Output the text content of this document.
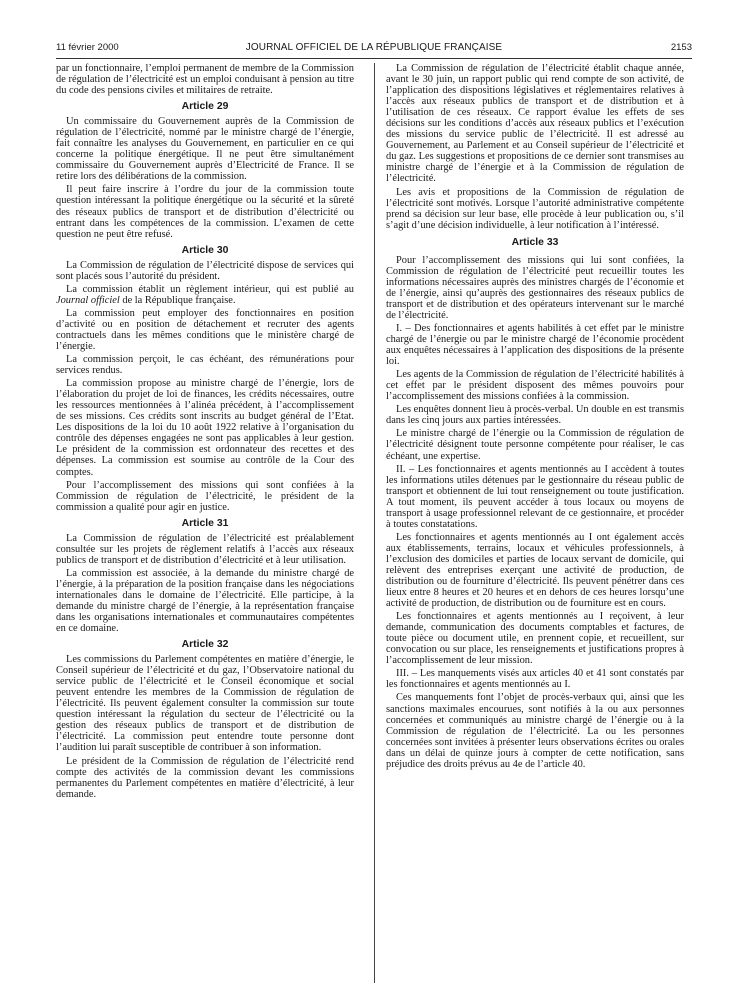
11 février 2000	JOURNAL OFFICIEL DE LA RÉPUBLIQUE FRANÇAISE	2153

par un fonctionnaire, l’emploi permanent de membre de la Commission de régulation de l’électricité est un emploi conduisant à pension au titre du code des pensions civiles et militaires de retraite.

Article 29

Un commissaire du Gouvernement auprès de la Commission de régulation de l’électricité, nommé par le ministre chargé de l’énergie, fait connaître les analyses du Gouvernement, en particulier en ce qui concerne la politique énergétique. Il ne peut être simultanément commissaire du Gouvernement auprès d’Electricité de France. Il se retire lors des délibérations de la commission.

Il peut faire inscrire à l’ordre du jour de la commission toute question intéressant la politique énergétique ou la sécurité et la sûreté des réseaux publics de transport et de distribution d’électricité ou entrant dans les compétences de la commission. L’examen de cette question ne peut être refusé.

Article 30

La Commission de régulation de l’électricité dispose de services qui sont placés sous l’autorité du président.

La commission établit un règlement intérieur, qui est publié au Journal officiel de la République française.

La commission peut employer des fonctionnaires en position d’activité ou en position de détachement et recruter des agents contractuels dans les mêmes conditions que le ministère chargé de l’énergie.

La commission perçoit, le cas échéant, des rémunérations pour services rendus.

La commission propose au ministre chargé de l’énergie, lors de l’élaboration du projet de loi de finances, les crédits nécessaires, outre les ressources mentionnées à l’alinéa précédent, à l’accomplissement de ses missions. Ces crédits sont inscrits au budget général de l’Etat. Les dispositions de la loi du 10 août 1922 relative à l’organisation du contrôle des dépenses engagées ne sont pas applicables à leur gestion. Le président de la commission est ordonnateur des recettes et des dépenses. La commission est soumise au contrôle de la Cour des comptes.

Pour l’accomplissement des missions qui sont confiées à la Commission de régulation de l’électricité, le président de la commission a qualité pour agir en justice.

Article 31

La Commission de régulation de l’électricité est préalablement consultée sur les projets de règlement relatifs à l’accès aux réseaux publics de transport et de distribution d’électricité et à leur utilisation.

La commission est associée, à la demande du ministre chargé de l’énergie, à la préparation de la position française dans les négociations internationales dans le domaine de l’électricité. Elle participe, à la demande du ministre chargé de l’énergie, à la représentation française dans les organisations internationales et communautaires compétentes en ce domaine.

Article 32

Les commissions du Parlement compétentes en matière d’énergie, le Conseil supérieur de l’électricité et du gaz, l’Observatoire national du service public de l’électricité et le Conseil économique et social peuvent entendre les membres de la Commission de régulation de l’électricité. Ils peuvent également consulter la commission sur toute question intéressant la régulation du secteur de l’électricité ou la gestion des réseaux publics de transport et de distribution de l’électricité. La commission peut entendre toute personne dont l’audition lui paraît susceptible de contribuer à son information.

Le président de la Commission de régulation de l’électricité rend compte des activités de la commission devant les commissions permanentes du Parlement compétentes en matière d’électricité, à leur demande.

La Commission de régulation de l’électricité établit chaque année, avant le 30 juin, un rapport public qui rend compte de son activité, de l’application des dispositions législatives et réglementaires relatives à l’accès aux réseaux publics de transport et de distribution et à l’utilisation de ces réseaux. Ce rapport évalue les effets de ses décisions sur les conditions d’accès aux réseaux publics et l’exécution des missions du service public de l’électricité. Il est adressé au Gouvernement, au Parlement et au Conseil supérieur de l’électricité et du gaz. Les suggestions et propositions de ce dernier sont transmises au ministre chargé de l’énergie et à la Commission de régulation de l’électricité.

Les avis et propositions de la Commission de régulation de l’électricité sont motivés. Lorsque l’autorité administrative compétente prend sa décision sur leur base, elle procède à leur publication ou, s’il s’agit d’une décision individuelle, à leur notification à l’intéressé.

Article 33

Pour l’accomplissement des missions qui lui sont confiées, la Commission de régulation de l’électricité peut recueillir toutes les informations nécessaires auprès des ministres chargés de l’économie et de l’énergie, ainsi qu’auprès des gestionnaires des réseaux publics de transport et de distribution et des opérateurs intervenant sur le marché de l’électricité.

I. – Des fonctionnaires et agents habilités à cet effet par le ministre chargé de l’énergie ou par le ministre chargé de l’économie procèdent aux enquêtes nécessaires à l’application des dispositions de la présente loi.

Les agents de la Commission de régulation de l’électricité habilités à cet effet par le président disposent des mêmes pouvoirs pour l’accomplissement des missions confiées à la commission.

Les enquêtes donnent lieu à procès-verbal. Un double en est transmis dans les cinq jours aux parties intéressées.

Le ministre chargé de l’énergie ou la Commission de régulation de l’électricité désignent toute personne compétente pour réaliser, le cas échéant, une expertise.

II. – Les fonctionnaires et agents mentionnés au I accèdent à toutes les informations utiles détenues par le gestionnaire du réseau public de transport et obtiennent de lui tout renseignement ou toute justification. A tout moment, ils peuvent accéder à tous locaux ou moyens de transport à usage professionnel relevant de ce gestionnaire, et procéder à toutes constatations.

Les fonctionnaires et agents mentionnés au I ont également accès aux établissements, terrains, locaux et véhicules professionnels, à l’exclusion des domiciles et parties de locaux servant de domicile, qui relèvent des entreprises exerçant une activité de production, de distribution ou de fourniture d’électricité. Ils peuvent pénétrer dans ces lieux entre 8 heures et 20 heures et en dehors de ces heures lorsqu’une activité de production, de distribution ou de fourniture est en cours.

Les fonctionnaires et agents mentionnés au I reçoivent, à leur demande, communication des documents comptables et factures, de toute pièce ou document utile, en prennent copie, et recueillent, sur convocation ou sur place, les renseignements et justifications propres à l’accomplissement de leur mission.

III. – Les manquements visés aux articles 40 et 41 sont constatés par les fonctionnaires et agents mentionnés au I.

Ces manquements font l’objet de procès-verbaux qui, ainsi que les sanctions maximales encourues, sont notifiés à la ou aux personnes concernées et communiqués au ministre chargé de l’énergie ou à la Commission de régulation de l’électricité. La ou les personnes concernées sont invitées à présenter leurs observations écrites ou orales dans un délai de quinze jours à compter de cette notification, sans préjudice des droits prévus au 4e de l’article 40.
